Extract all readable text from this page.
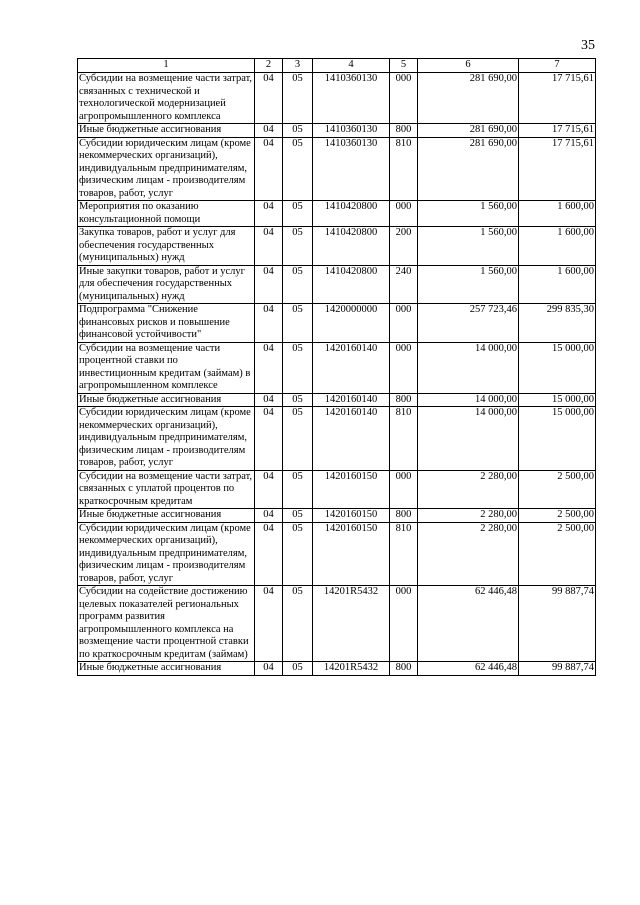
35
1	2	3	4	5	6	7
Субсидии на возмещение части затрат, связанных с технической и технологической модернизацией агропромышленного комплекса	04	05	1410360130	000	281 690,00	17 715,61
Иные бюджетные ассигнования	04	05	1410360130	800	281 690,00	17 715,61
Субсидии юридическим лицам (кроме некоммерческих организаций), индивидуальным предпринимателям, физическим лицам - производителям товаров, работ, услуг	04	05	1410360130	810	281 690,00	17 715,61
Мероприятия по оказанию консультационной помощи	04	05	1410420800	000	1 560,00	1 600,00
Закупка товаров, работ и услуг для обеспечения государственных (муниципальных) нужд	04	05	1410420800	200	1 560,00	1 600,00
Иные закупки товаров, работ и услуг для обеспечения государственных (муниципальных) нужд	04	05	1410420800	240	1 560,00	1 600,00
Подпрограмма "Снижение финансовых рисков и повышение финансовой устойчивости"	04	05	1420000000	000	257 723,46	299 835,30
Субсидии на возмещение части процентной ставки по инвестиционным кредитам (займам) в агропромышленном комплексе	04	05	1420160140	000	14 000,00	15 000,00
Иные бюджетные ассигнования	04	05	1420160140	800	14 000,00	15 000,00
Субсидии юридическим лицам (кроме некоммерческих организаций), индивидуальным предпринимателям, физическим лицам - производителям товаров, работ, услуг	04	05	1420160140	810	14 000,00	15 000,00
Субсидии на возмещение части затрат, связанных с уплатой процентов по краткосрочным кредитам	04	05	1420160150	000	2 280,00	2 500,00
Иные бюджетные ассигнования	04	05	1420160150	800	2 280,00	2 500,00
Субсидии юридическим лицам (кроме некоммерческих организаций), индивидуальным предпринимателям, физическим лицам - производителям товаров, работ, услуг	04	05	1420160150	810	2 280,00	2 500,00
Субсидии на содействие достижению целевых показателей региональных программ развития агропромышленного комплекса на возмещение части процентной ставки по краткосрочным кредитам (займам)	04	05	14201R5432	000	62 446,48	99 887,74
Иные бюджетные ассигнования	04	05	14201R5432	800	62 446,48	99 887,74
